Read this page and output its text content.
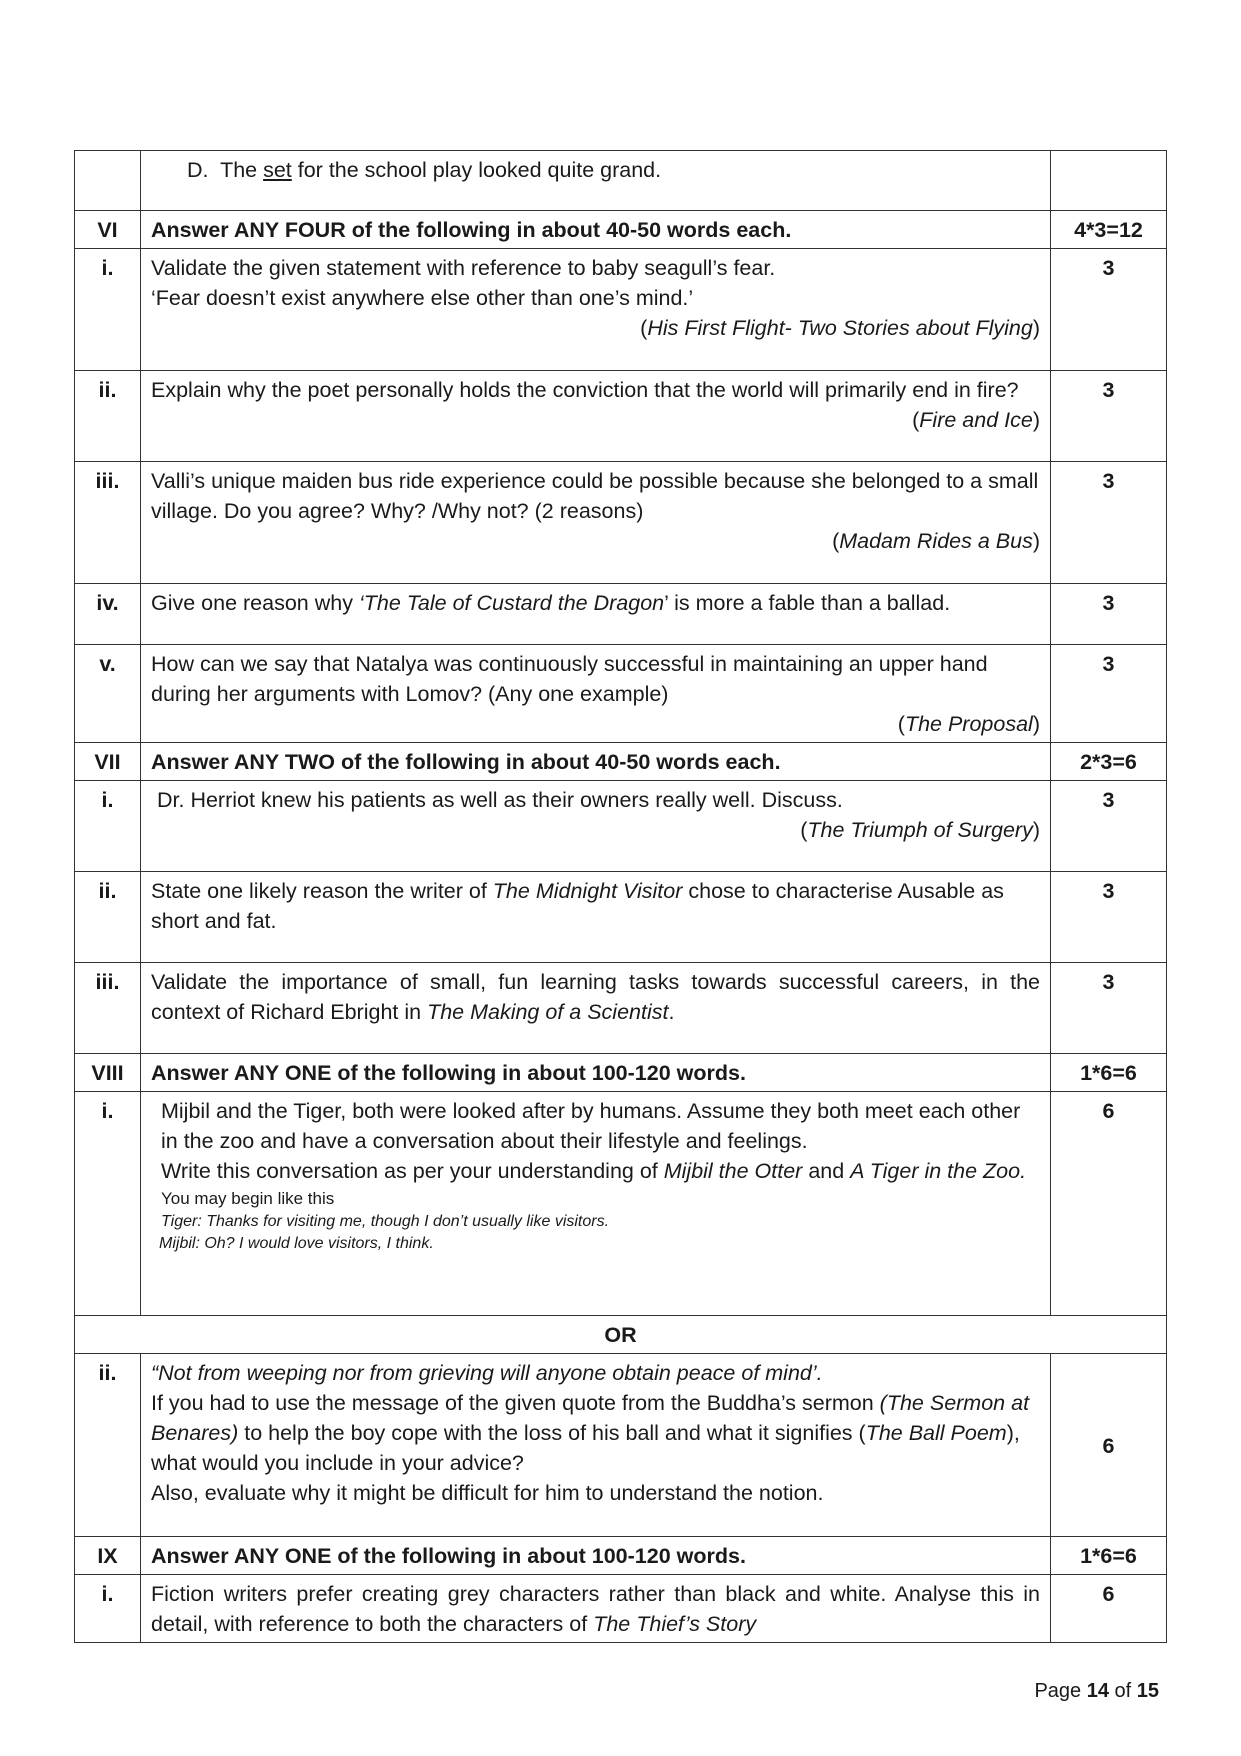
	D. The set for the school play looked quite grand.	

VI	Answer ANY FOUR of the following in about 40-50 words each.	4*3=12
i.	Validate the given statement with reference to baby seagull’s fear.
‘Fear doesn’t exist anywhere else other than one’s mind.’
(His First Flight- Two Stories about Flying)	3
ii.	Explain why the poet personally holds the conviction that the world will primarily end in fire?
(Fire and Ice)	3
iii.	Valli’s unique maiden bus ride experience could be possible because she belonged to a small village. Do you agree? Why? /Why not? (2 reasons)
(Madam Rides a Bus)	3
iv.	Give one reason why ‘The Tale of Custard the Dragon’ is more a fable than a ballad.	3
v.	How can we say that Natalya was continuously successful in maintaining an upper hand during her arguments with Lomov? (Any one example)
(The Proposal)	3
VII	Answer ANY TWO of the following in about 40-50 words each.	2*3=6
i.	Dr. Herriot knew his patients as well as their owners really well. Discuss.
(The Triumph of Surgery)	3
ii.	State one likely reason the writer of The Midnight Visitor chose to characterise Ausable as short and fat.	3
iii.	Validate the importance of small, fun learning tasks towards successful careers, in the context of Richard Ebright in The Making of a Scientist.	3
VIII	Answer ANY ONE of the following in about 100-120 words.	1*6=6
i.	Mijbil and the Tiger, both were looked after by humans. Assume they both meet each other in the zoo and have a conversation about their lifestyle and feelings.
Write this conversation as per your understanding of Mijbil the Otter and A Tiger in the Zoo.
You may begin like this
Tiger: Thanks for visiting me, though I don’t usually like visitors.
Mijbil: Oh? I would love visitors, I think.	6
OR		
ii.	“Not from weeping nor from grieving will anyone obtain peace of mind’.
If you had to use the message of the given quote from the Buddha’s sermon (The Sermon at Benares) to help the boy cope with the loss of his ball and what it signifies (The Ball Poem), what would you include in your advice?
Also, evaluate why it might be difficult for him to understand the notion.	6
IX	Answer ANY ONE of the following in about 100-120 words.	1*6=6
i.	Fiction writers prefer creating grey characters rather than black and white. Analyse this in detail, with reference to both the characters of The Thief’s Story	6
Page 14 of 15
